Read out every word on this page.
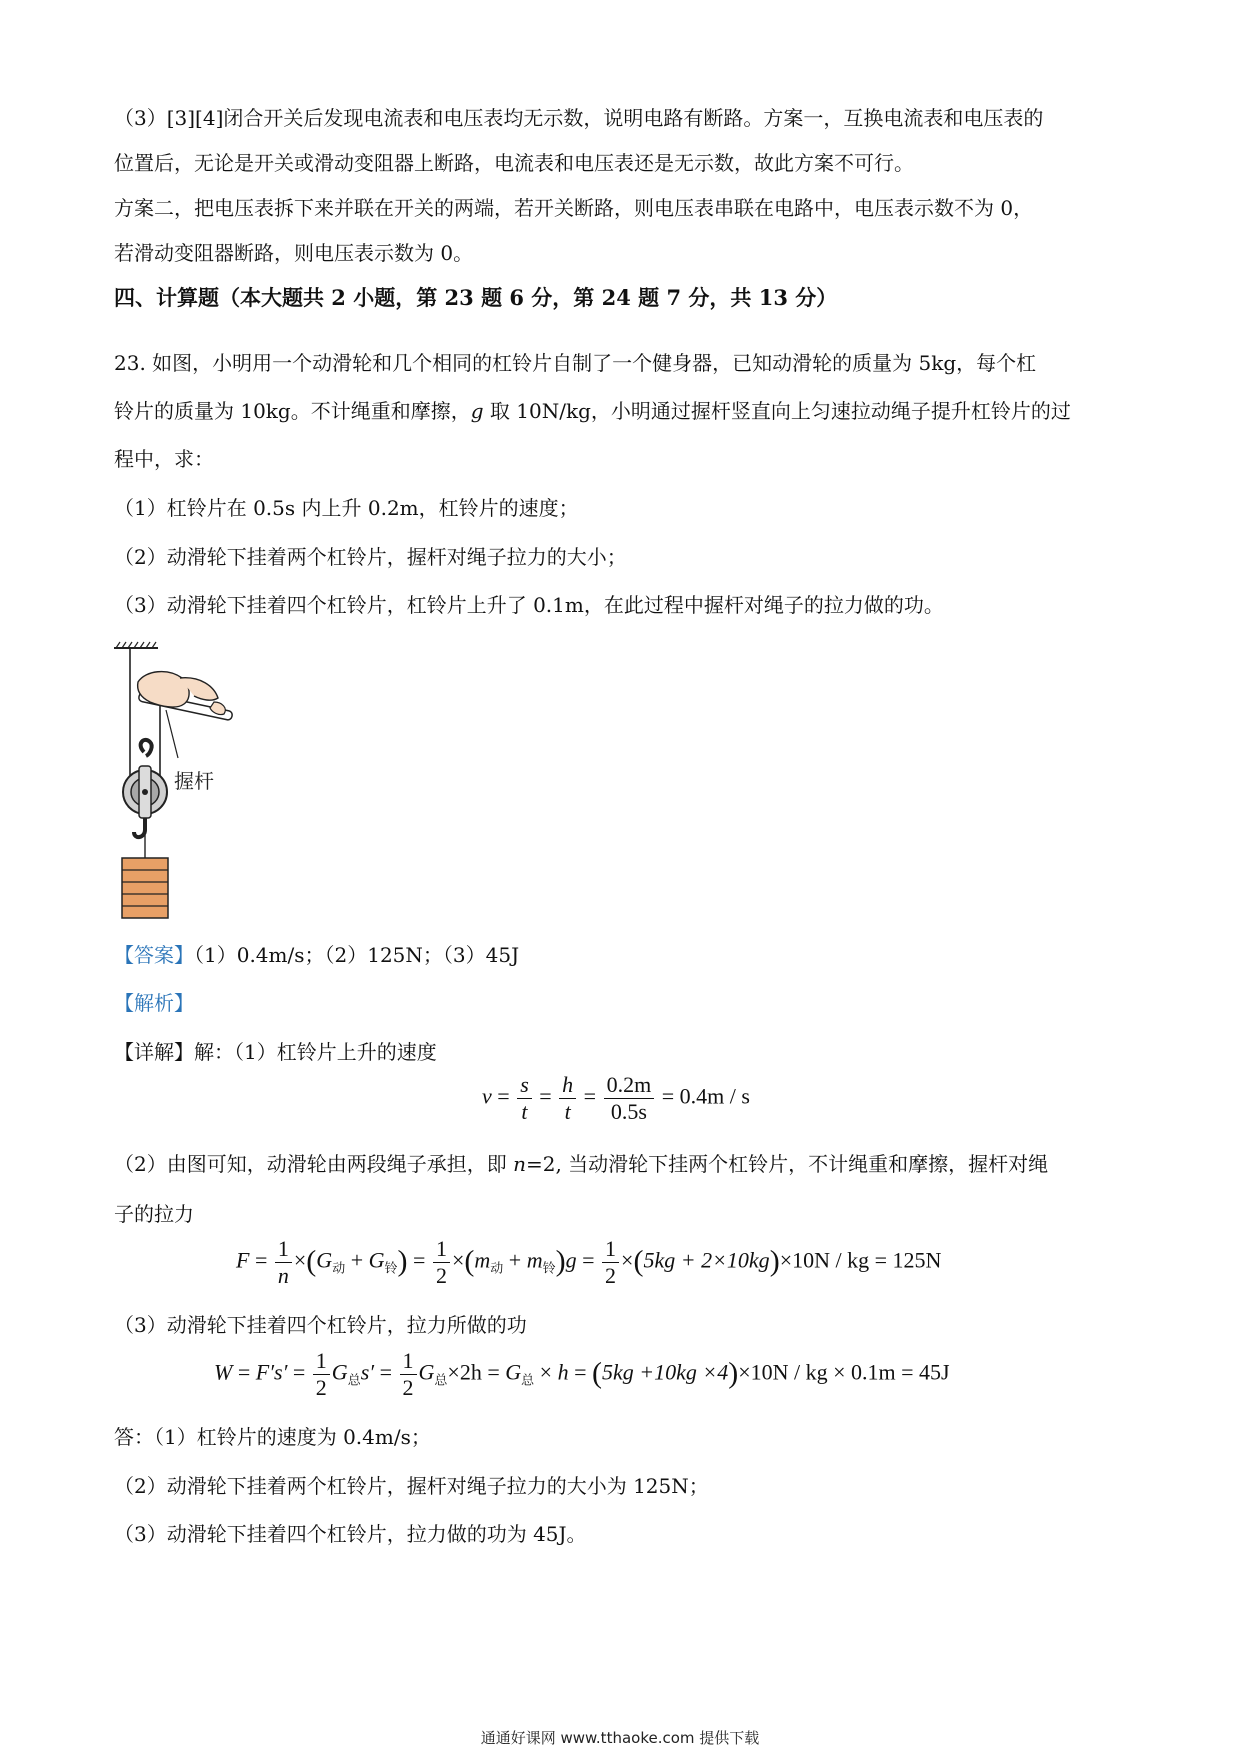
（3）[3][4]闭合开关后发现电流表和电压表均无示数，说明电路有断路。方案一，互换电流表和电压表的
位置后，无论是开关或滑动变阻器上断路，电流表和电压表还是无示数，故此方案不可行。
方案二，把电压表拆下来并联在开关的两端，若开关断路，则电压表串联在电路中，电压表示数不为 0，
若滑动变阻器断路，则电压表示数为 0。
四、计算题（本大题共 2 小题，第 23 题 6 分，第 24 题 7 分，共 13 分）
23. 如图，小明用一个动滑轮和几个相同的杠铃片自制了一个健身器，已知动滑轮的质量为 5kg，每个杠
铃片的质量为 10kg。不计绳重和摩擦，g 取 10N/kg，小明通过握杆竖直向上匀速拉动绳子提升杠铃片的过
程中，求：
（1）杠铃片在 0.5s 内上升 0.2m，杠铃片的速度；
（2）动滑轮下挂着两个杠铃片，握杆对绳子拉力的大小；
（3）动滑轮下挂着四个杠铃片，杠铃片上升了 0.1m，在此过程中握杆对绳子的拉力做的功。
握杆
【答案】（1）0.4m/s；（2）125N；（3）45J
【解析】
【详解】解：（1）杠铃片上升的速度
$v = \frac{s}{t} = \frac{h}{t} = \frac{0.2m}{0.5s} = 0.4m / s$
（2）由图可知，动滑轮由两段绳子承担，即 n=2, 当动滑轮下挂两个杠铃片，不计绳重和摩擦，握杆对绳
子的拉力
$F = \frac{1}{n} \times(G_动 + G_铃) = \frac{1}{2} \times(m_动 + m_铃)g = \frac{1}{2} \times(5kg + 2\times 10kg)\times 10N$ / kg = 125N
（3）动滑轮下挂着四个杠铃片，拉力所做的功
$W = F's' = \frac{1}{2} G_总s' = \frac{1}{2} G_总\times 2h = G_总 \times h = (5kg +10kg \times 4)\times 10N$ / kg × 0.1m = 45J
答：（1）杠铃片的速度为 0.4m/s；
（2）动滑轮下挂着两个杠铃片，握杆对绳子拉力的大小为 125N；
（3）动滑轮下挂着四个杠铃片，拉力做的功为 45J。
通通好课网 www.tthaoke.com 提供下载
